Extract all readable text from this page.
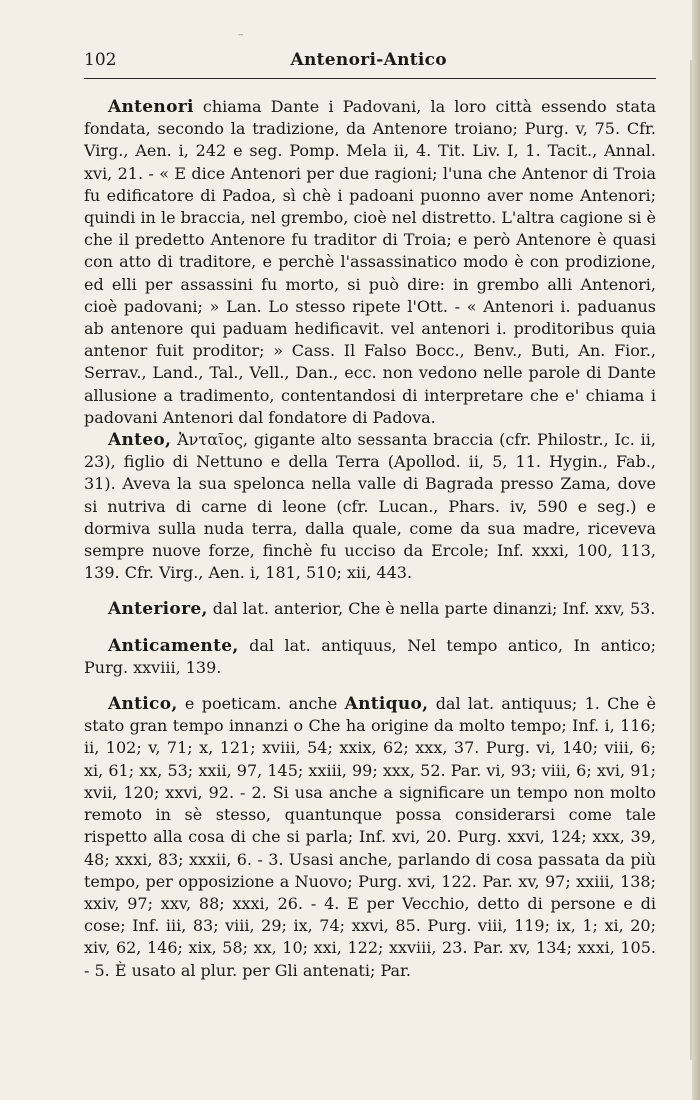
–
102	Antenori-Antico

Antenori chiama Dante i Padovani, la loro città essendo stata fondata, secondo la tradizione, da Antenore troiano; Purg. v, 75. Cfr. Virg., Aen. i, 242 e seg. Pomp. Mela ii, 4. Tit. Liv. I, 1. Tacit., Annal. xvi, 21. - « E dice Antenori per due ragioni; l'una che Antenor di Troia fu edificatore di Padoa, sì chè i padoani puonno aver nome Antenori; quindi in le braccia, nel grembo, cioè nel distretto. L'altra cagione si è che il predetto Antenore fu traditor di Troia; e però Antenore è quasi con atto di traditore, e perchè l'assassinatico modo è con prodizione, ed elli per assassini fu morto, si può dire: in grembo alli Antenori, cioè padovani; » Lan. Lo stesso ripete l'Ott. - « Antenori i. paduanus ab antenore qui paduam hedificavit. vel antenori i. proditoribus quia antenor fuit proditor; » Cass. Il Falso Bocc., Benv., Buti, An. Fior., Serrav., Land., Tal., Vell., Dan., ecc. non vedono nelle parole di Dante allusione a tradimento, contentandosi di interpretare che e' chiama i padovani Antenori dal fondatore di Padova.

Anteo, Ἀνταῖος, gigante alto sessanta braccia (cfr. Philostr., Ic. ii, 23), figlio di Nettuno e della Terra (Apollod. ii, 5, 11. Hygin., Fab., 31). Aveva la sua spelonca nella valle di Bagrada presso Zama, dove si nutriva di carne di leone (cfr. Lucan., Phars. iv, 590 e seg.) e dormiva sulla nuda terra, dalla quale, come da sua madre, riceveva sempre nuove forze, finchè fu ucciso da Ercole; Inf. xxxi, 100, 113, 139. Cfr. Virg., Aen. i, 181, 510; xii, 443.

Anteriore, dal lat. anterior, Che è nella parte dinanzi; Inf. xxv, 53.

Anticamente, dal lat. antiquus, Nel tempo antico, In antico; Purg. xxviii, 139.

Antico, e poeticam. anche Antiquo, dal lat. antiquus; 1. Che è stato gran tempo innanzi o Che ha origine da molto tempo; Inf. i, 116; ii, 102; v, 71; x, 121; xviii, 54; xxix, 62; xxx, 37. Purg. vi, 140; viii, 6; xi, 61; xx, 53; xxii, 97, 145; xxiii, 99; xxx, 52. Par. vi, 93; viii, 6; xvi, 91; xvii, 120; xxvi, 92. - 2. Si usa anche a significare un tempo non molto remoto in sè stesso, quantunque possa considerarsi come tale rispetto alla cosa di che si parla; Inf. xvi, 20. Purg. xxvi, 124; xxx, 39, 48; xxxi, 83; xxxii, 6. - 3. Usasi anche, parlando di cosa passata da più tempo, per opposizione a Nuovo; Purg. xvi, 122. Par. xv, 97; xxiii, 138; xxiv, 97; xxv, 88; xxxi, 26. - 4. E per Vecchio, detto di persone e di cose; Inf. iii, 83; viii, 29; ix, 74; xxvi, 85. Purg. viii, 119; ix, 1; xi, 20; xiv, 62, 146; xix, 58; xx, 10; xxi, 122; xxviii, 23. Par. xv, 134; xxxi, 105. - 5. È usato al plur. per Gli antenati; Par.
